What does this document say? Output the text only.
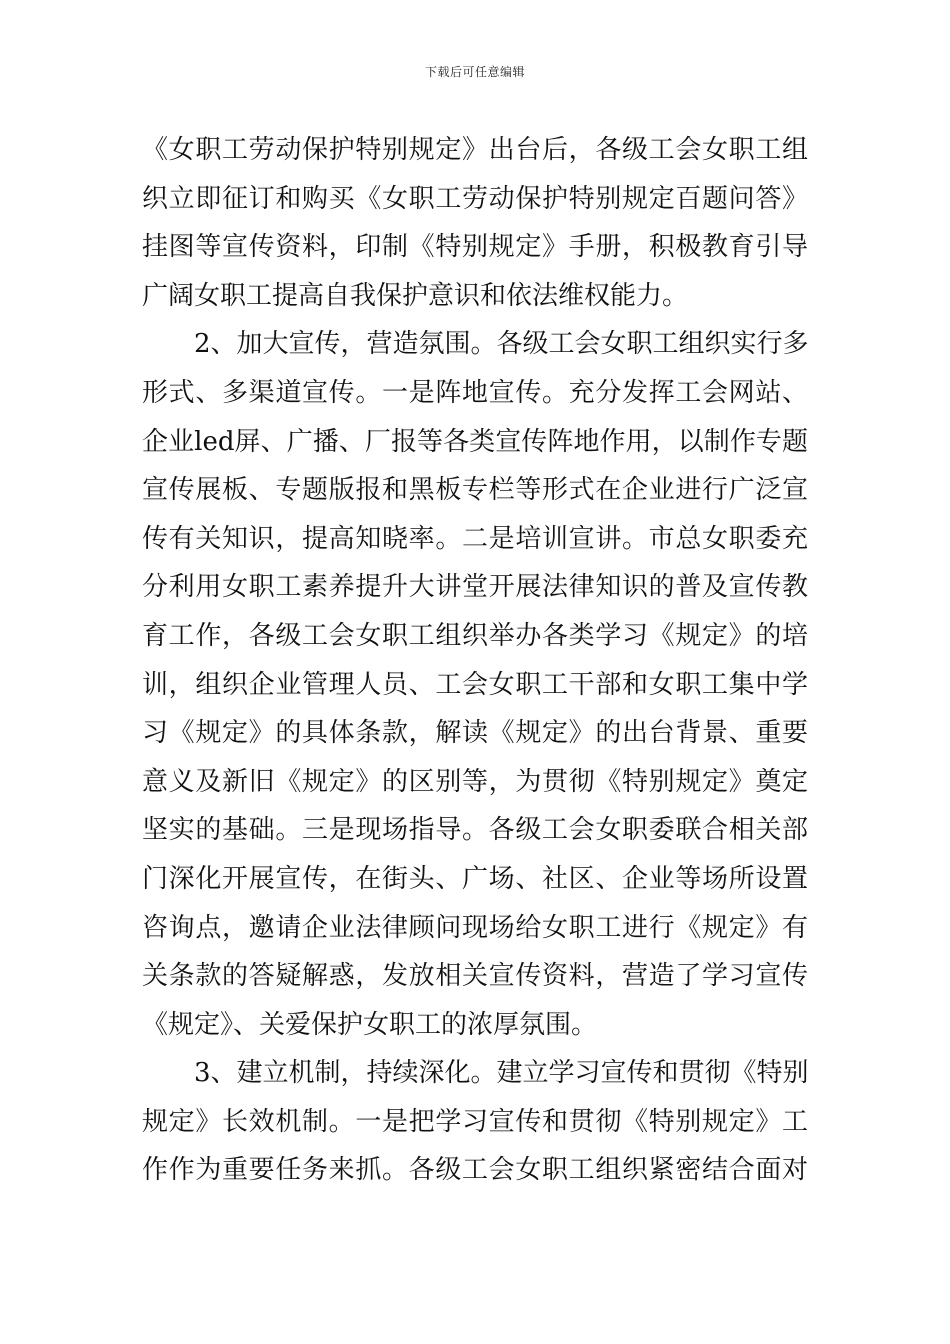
下载后可任意编辑
《女职工劳动保护特别规定》出台后，各级工会女职工组
织立即征订和购买《女职工劳动保护特别规定百题问答》
挂图等宣传资料，印制《特别规定》手册，积极教育引导
广阔女职工提高自我保护意识和依法维权能力。
2、加大宣传，营造氛围。各级工会女职工组织实行多
形式、多渠道宣传。一是阵地宣传。充分发挥工会网站、
企业led屏、广播、厂报等各类宣传阵地作用，以制作专题
宣传展板、专题版报和黑板专栏等形式在企业进行广泛宣
传有关知识，提高知晓率。二是培训宣讲。市总女职委充
分利用女职工素养提升大讲堂开展法律知识的普及宣传教
育工作，各级工会女职工组织举办各类学习《规定》的培
训，组织企业管理人员、工会女职工干部和女职工集中学
习《规定》的具体条款，解读《规定》的出台背景、重要
意义及新旧《规定》的区别等，为贯彻《特别规定》奠定
坚实的基础。三是现场指导。各级工会女职委联合相关部
门深化开展宣传，在街头、广场、社区、企业等场所设置
咨询点，邀请企业法律顾问现场给女职工进行《规定》有
关条款的答疑解惑，发放相关宣传资料，营造了学习宣传
《规定》、关爱保护女职工的浓厚氛围。
3、建立机制，持续深化。建立学习宣传和贯彻《特别
规定》长效机制。一是把学习宣传和贯彻《特别规定》工
作作为重要任务来抓。各级工会女职工组织紧密结合面对
